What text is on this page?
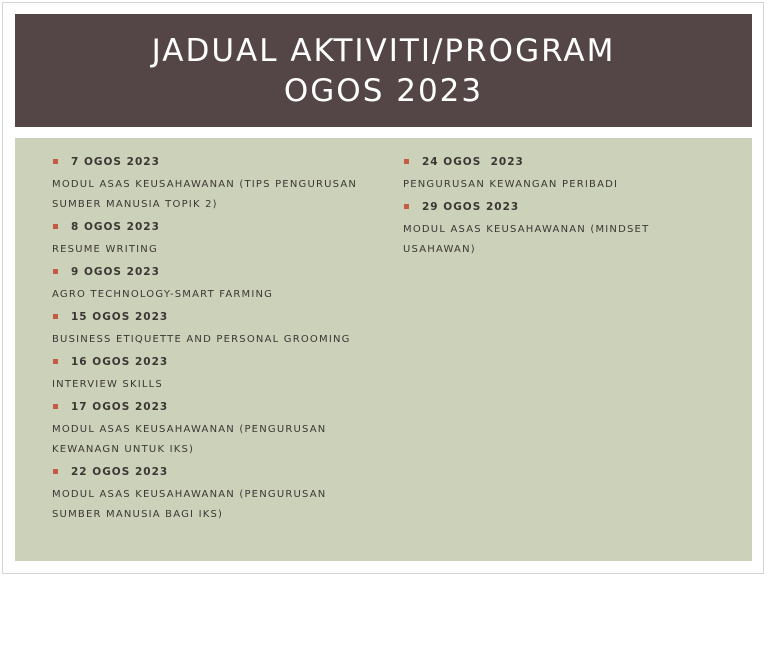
JADUAL AKTIVITI/PROGRAM
OGOS 2023
7 OGOS 2023
MODUL ASAS KEUSAHAWANAN (TIPS PENGURUSAN
SUMBER MANUSIA TOPIK 2)
8 OGOS 2023
RESUME WRITING
9 OGOS 2023
AGRO TECHNOLOGY-SMART FARMING
15 OGOS 2023
BUSINESS ETIQUETTE AND PERSONAL GROOMING
16 OGOS 2023
INTERVIEW SKILLS
17 OGOS 2023
MODUL ASAS KEUSAHAWANAN (PENGURUSAN
KEWANAGN UNTUK IKS)
22 OGOS 2023
MODUL ASAS KEUSAHAWANAN (PENGURUSAN
SUMBER MANUSIA BAGI IKS)
24 OGOS  2023
PENGURUSAN KEWANGAN PERIBADI
29 OGOS 2023
MODUL ASAS KEUSAHAWANAN (MINDSET
USAHAWAN)
